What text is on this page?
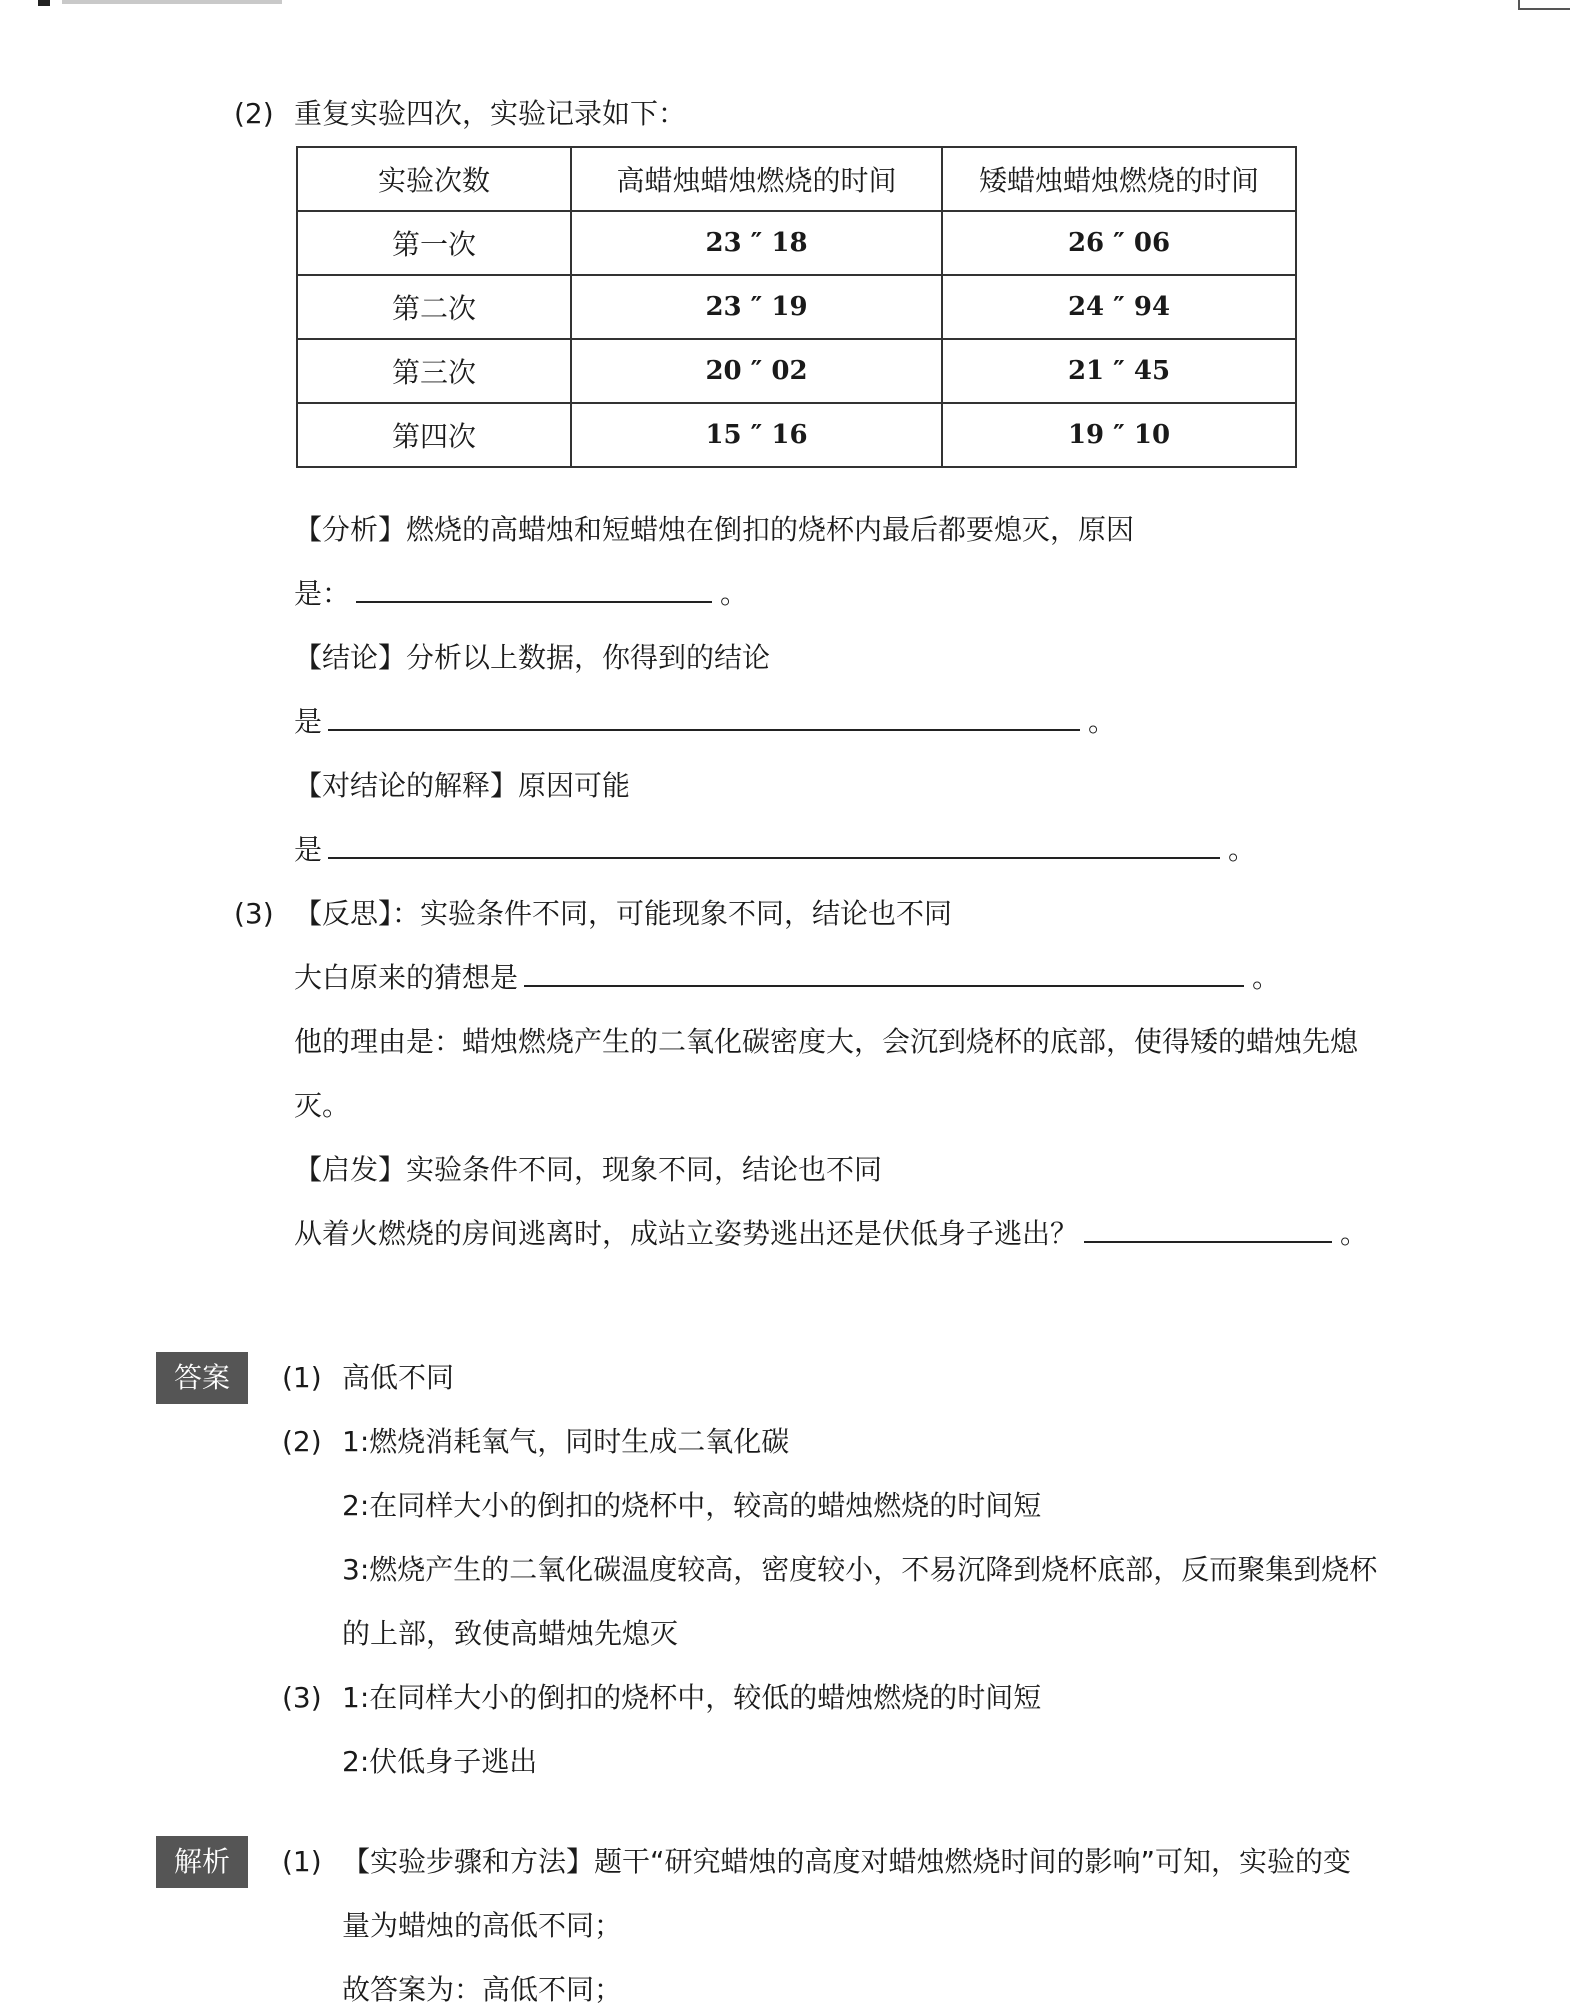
(2) 重复实验四次，实验记录如下：
实验次数	高蜡烛蜡烛燃烧的时间	矮蜡烛蜡烛燃烧的时间
第一次	23 ″ 18	26 ″ 06
第二次	23 ″ 19	24 ″ 94
第三次	20 ″ 02	21 ″ 45
第四次	15 ″ 16	19 ″ 10
【分析】燃烧的高蜡烛和短蜡烛在倒扣的烧杯内最后都要熄灭，原因
是：	。
【结论】分析以上数据，你得到的结论
是	。
【对结论的解释】原因可能
是	。
(3) 【反思】：实验条件不同，可能现象不同，结论也不同
大白原来的猜想是	。
他的理由是：蜡烛燃烧产生的二氧化碳密度大，会沉到烧杯的底部，使得矮的蜡烛先熄
灭。
【启发】实验条件不同，现象不同，结论也不同
从着火燃烧的房间逃离时，成站立姿势逃出还是伏低身子逃出？	。
答案	(1) 高低不同
(2) 1:燃烧消耗氧气，同时生成二氧化碳
2:在同样大小的倒扣的烧杯中，较高的蜡烛燃烧的时间短
3:燃烧产生的二氧化碳温度较高，密度较小，不易沉降到烧杯底部，反而聚集到烧杯
的上部，致使高蜡烛先熄灭
(3) 1:在同样大小的倒扣的烧杯中，较低的蜡烛燃烧的时间短
2:伏低身子逃出
解析	(1) 【实验步骤和方法】题干“研究蜡烛的高度对蜡烛燃烧时间的影响”可知，实验的变
量为蜡烛的高低不同；
故答案为：高低不同；
